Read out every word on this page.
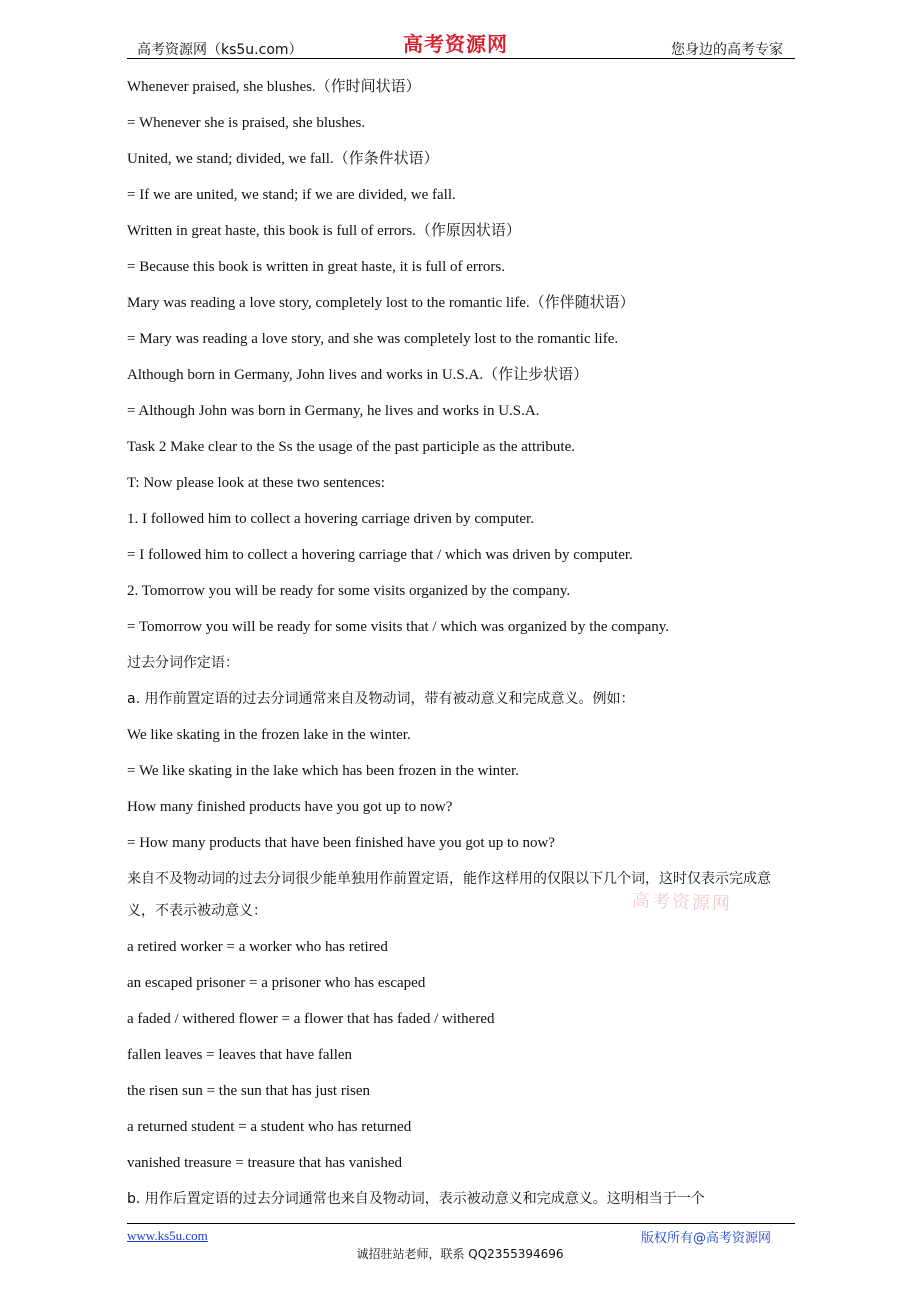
高考资源网（ks5u.com）	高考资源网	您身边的高考专家

Whenever praised, she blushes.（作时间状语）

= Whenever she is praised, she blushes.

United, we stand; divided, we fall.（作条件状语）

= If we are united, we stand; if we are divided, we fall.

Written in great haste, this book is full of errors.（作原因状语）

= Because this book is written in great haste, it is full of errors.

Mary was reading a love story, completely lost to the romantic life.（作伴随状语）

= Mary was reading a love story, and she was completely lost to the romantic life.

Although born in Germany, John lives and works in U.S.A.（作让步状语）

= Although John was born in Germany, he lives and works in U.S.A.

Task 2 Make clear to the Ss the usage of the past participle as the attribute.

T: Now please look at these two sentences:

1. I followed him to collect a hovering carriage driven by computer.

= I followed him to collect a hovering carriage that / which was driven by computer.

2. Tomorrow you will be ready for some visits organized by the company.

= Tomorrow you will be ready for some visits that / which was organized by the company.

过去分词作定语：

a. 用作前置定语的过去分词通常来自及物动词，带有被动意义和完成意义。例如：

We like skating in the frozen lake in the winter.

= We like skating in the lake which has been frozen in the winter.

How many finished products have you got up to now?

= How many products that have been finished have you got up to now?

来自不及物动词的过去分词很少能单独用作前置定语，能作这样用的仅限以下几个词，这时仅表示完成意义，不表示被动意义：

a retired worker = a worker who has retired

an escaped prisoner = a prisoner who has escaped

a faded / withered flower = a flower that has faded / withered

fallen leaves = leaves that have fallen

the risen sun = the sun that has just risen

a returned student = a student who has returned

vanished treasure = treasure that has vanished

b. 用作后置定语的过去分词通常也来自及物动词，表示被动意义和完成意义。这明相当于一个

高考资源网
www.ks5u.com	版权所有@高考资源网
诚招驻站老师，联系 QQ2355394696
